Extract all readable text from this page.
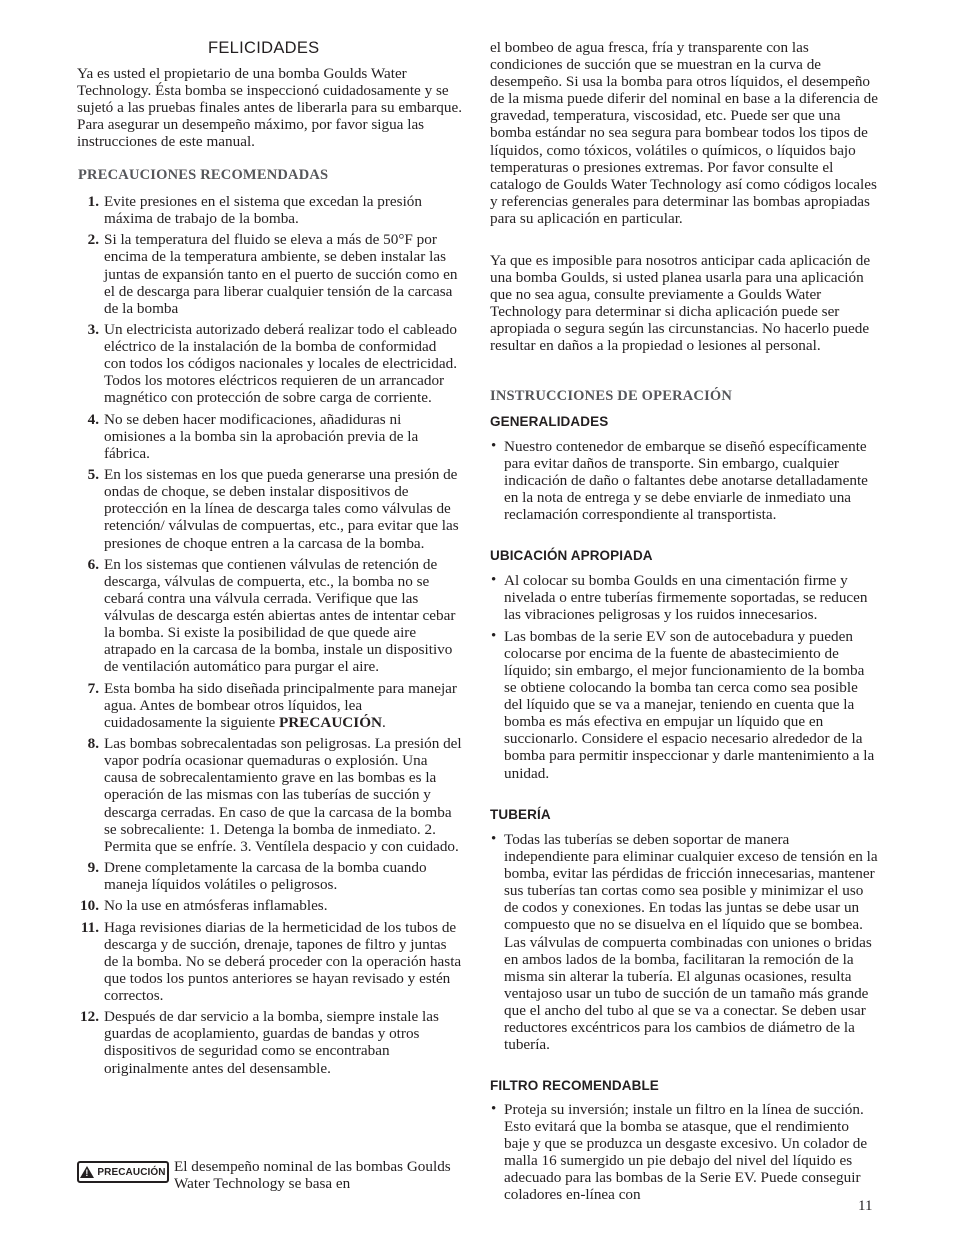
FELICIDADES

Ya es usted el propietario de una bomba Goulds Water Technology. Ésta bomba se inspeccionó cuidadosamente y se sujetó a las pruebas finales antes de liberarla para su embarque. Para asegurar un desempeño máximo, por favor sigua las instrucciones de este manual.

PRECAUCIONES RECOMENDADAS
1. Evite presiones en el sistema que excedan la presión máxima de trabajo de la bomba.

2. Si la temperatura del fluido se eleva a más de 50°F por encima de la temperatura ambiente, se deben instalar las juntas de expansión tanto en el puerto de succión como en el de descarga para liberar cualquier tensión de la carcasa de la bomba

3. Un electricista autorizado deberá realizar todo el cableado eléctrico de la instalación de la bomba de conformidad con todos los códigos nacionales y locales de electricidad. Todos los motores eléctricos requieren de un arrancador magnético con protección de sobre carga de corriente.

4. No se deben hacer modificaciones, añadiduras ni omisiones a la bomba sin la aprobación previa de la fábrica.

5. En los sistemas en los que pueda generarse una presión de ondas de choque, se deben instalar dispositivos de protección en la línea de descarga tales como válvulas de retención/ válvulas de compuertas, etc., para evitar que las presiones de choque entren a la carcasa de la bomba.

6. En los sistemas que contienen válvulas de retención de descarga, válvulas de compuerta, etc., la bomba no se cebará contra una válvula cerrada. Verifique que las válvulas de descarga estén abiertas antes de intentar cebar la bomba. Si existe la posibilidad de que quede aire atrapado en la carcasa de la bomba, instale un dispositivo de ventilación automático para purgar el aire.

7. Esta bomba ha sido diseñada principalmente para manejar agua. Antes de bombear otros líquidos, lea cuidadosamente la siguiente PRECAUCIÓN.

8. Las bombas sobrecalentadas son peligrosas. La presión del vapor podría ocasionar quemaduras o explosión. Una causa de sobrecalentamiento grave en las bombas es la operación de las mismas con las tuberías de succión y descarga cerradas. En caso de que la carcasa de la bomba se sobrecaliente: 1. Detenga la bomba de inmediato. 2. Permita que se enfríe. 3. Ventílela despacio y con cuidado.

9. Drene completamente la carcasa de la bomba cuando maneja líquidos volátiles o peligrosos.

10. No la use en atmósferas inflamables.

11. Haga revisiones diarias de la hermeticidad de los tubos de descarga y de succión, drenaje, tapones de filtro y juntas de la bomba. No se deberá proceder con la operación hasta que todos los puntos anteriores se hayan revisado y estén correctos.

12. Después de dar servicio a la bomba, siempre instale las guardas de acoplamiento, guardas de bandas y otros dispositivos de seguridad como se encontraban originalmente antes del desensamble.

! PRECAUCIÓN El desempeño nominal de las bombas Goulds Water Technology se basa en

el bombeo de agua fresca, fría y transparente con las condiciones de succión que se muestran en la curva de desempeño. Si usa la bomba para otros líquidos, el desempeño de la misma puede diferir del nominal en base a la diferencia de gravedad, temperatura, viscosidad, etc. Puede ser que una bomba estándar no sea segura para bombear todos los tipos de líquidos, como tóxicos, volátiles o químicos, o líquidos bajo temperaturas o presiones extremas. Por favor consulte el catalogo de Goulds Water Technology así como códigos locales y referencias generales para determinar las bombas apropiadas para su aplicación en particular.

Ya que es imposible para nosotros anticipar cada aplicación de una bomba Goulds, si usted planea usarla para una aplicación que no sea agua, consulte previamente a Goulds Water Technology para determinar si dicha aplicación puede ser apropiada o segura según las circunstancias. No hacerlo puede resultar en daños a la propiedad o lesiones al personal.

INSTRUCCIONES DE OPERACIÓN
GENERALIDADES
• Nuestro contenedor de embarque se diseñó específicamente para evitar daños de transporte. Sin embargo, cualquier indicación de daño o faltantes debe anotarse detalladamente en la nota de entrega y se debe enviarle de inmediato una reclamación correspondiente al transportista.

UBICACIÓN APROPIADA
• Al colocar su bomba Goulds en una cimentación firme y nivelada o entre tuberías firmemente soportadas, se reducen las vibraciones peligrosas y los ruidos innecesarios.

• Las bombas de la serie EV son de autocebadura y pueden colocarse por encima de la fuente de abastecimiento de líquido; sin embargo, el mejor funcionamiento de la bomba se obtiene colocando la bomba tan cerca como sea posible del líquido que se va a manejar, teniendo en cuenta que la bomba es más efectiva en empujar un líquido que en succionarlo. Considere el espacio necesario alrededor de la bomba para permitir inspeccionar y darle mantenimiento a la unidad.

TUBERÍA
• Todas las tuberías se deben soportar de manera independiente para eliminar cualquier exceso de tensión en la bomba, evitar las pérdidas de fricción innecesarias, mantener sus tuberías tan cortas como sea posible y minimizar el uso de codos y conexiones. En todas las juntas se debe usar un compuesto que no se disuelva en el líquido que se bombea. Las válvulas de compuerta combinadas con uniones o bridas en ambos lados de la bomba, facilitaran la remoción de la misma sin alterar la tubería. El algunas ocasiones, resulta ventajoso usar un tubo de succión de un tamaño más grande que el ancho del tubo al que se va a conectar. Se deben usar reductores excéntricos para los cambios de diámetro de la tubería.

FILTRO RECOMENDABLE
• Proteja su inversión; instale un filtro en la línea de succión. Esto evitará que la bomba se atasque, que el rendimiento baje y que se produzca un desgaste excesivo. Un colador de malla 16 sumergido un pie debajo del nivel del líquido es adecuado para las bombas de la Serie EV. Puede conseguir coladores en-línea con

11
